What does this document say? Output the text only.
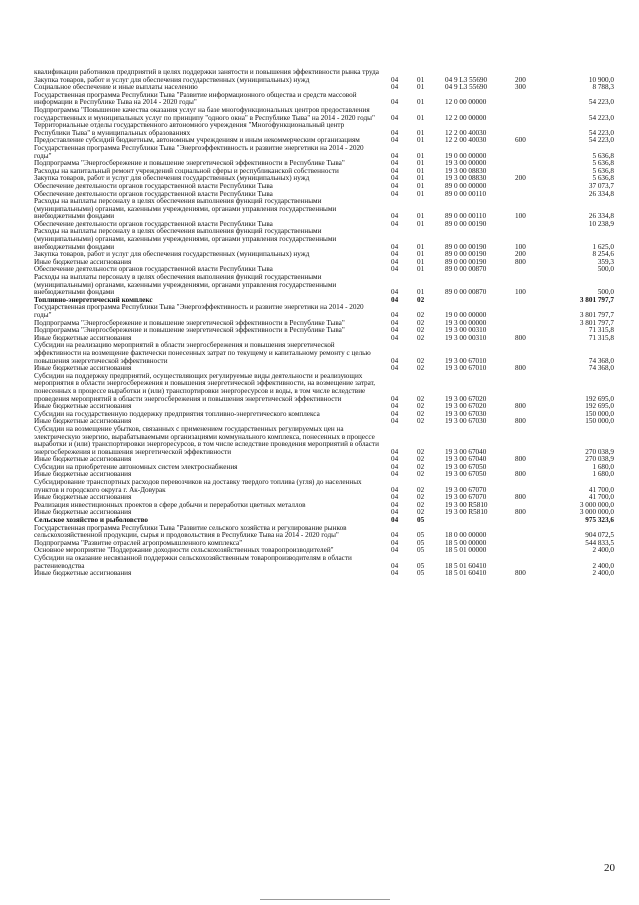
квалификации работников предприятий в целях поддержки занятости и повышения эффективности рынка труда
Закупка товаров, работ и услуг для обеспечения государственных (муниципальных) нужд	04	01	04 9 L3 55690	200	10 900,0
Социальное обеспечение и иные выплаты населению	04	01	04 9 L3 55690	300	8 788,3
Государственная программа Республики Тыва "Развитие информационного общества и средств массовой информации в Республике Тыва на 2014 - 2020 годы"	04	01	12 0 00 00000	54 223,0
Подпрограмма "Повышение качества оказания услуг на базе многофункциональных центров предоставления государственных и муниципальных услуг по принципу "одного окна" в Республике Тыва" на 2014 - 2020 годы"	04	01	12 2 00 00000	54 223,0
Территориальные отделы государственного автономного учреждения "Многофункциональный центр Республики Тыва" в муниципальных образованиях	04	01	12 2 00 40030	54 223,0
Предоставление субсидий бюджетным, автономным учреждениям и иным некоммерческим организациям	04	01	12 2 00 40030	600	54 223,0
Государственная программа Республики Тыва "Энергоэффективность и развитие энергетики на 2014 - 2020 годы"	04	01	19 0 00 00000	5 636,8
Подпрограмма "Энергосбережение и повышение энергетической эффективности в Республике Тыва"	04	01	19 3 00 00000	5 636,8
Расходы на капитальный ремонт учреждений социальной сферы и республиканской собственности	04	01	19 3 00 08830	5 636,8
Закупка товаров, работ и услуг для обеспечения государственных (муниципальных) нужд	04	01	19 3 00 08830	200	5 636,8
Обеспечение деятельности органов государственной власти Республики Тыва	04	01	89 0 00 00000	37 073,7
Обеспечение деятельности органов государственной власти Республики Тыва	04	01	89 0 00 00110	26 334,8
Расходы на выплаты персоналу в целях обеспечения выполнения функций государственными (муниципальными) органами, казенными учреждениями, органами управления государственными внебюджетными фондами	04	01	89 0 00 00110	100	26 334,8
Обеспечение деятельности органов государственной власти Республики Тыва	04	01	89 0 00 00190	10 238,9
Расходы на выплаты персоналу в целях обеспечения выполнения функций государственными (муниципальными) органами, казенными учреждениями, органами управления государственными внебюджетными фондами	04	01	89 0 00 00190	100	1 625,0
Закупка товаров, работ и услуг для обеспечения государственных (муниципальных) нужд	04	01	89 0 00 00190	200	8 254,6
Иные бюджетные ассигнования	04	01	89 0 00 00190	800	359,3
Обеспечение деятельности органов государственной власти Республики Тыва	04	01	89 0 00 00870	500,0
Расходы на выплаты персоналу в целях обеспечения выполнения функций государственными (муниципальными) органами, казенными учреждениями, органами управления государственными внебюджетными фондами	04	01	89 0 00 00870	100	500,0
Топливно-энергетический комплекс	04	02	3 801 797,7
Государственная программа Республики Тыва "Энергоэффективность и развитие энергетики на 2014 - 2020 годы"	04	02	19 0 00 00000	3 801 797,7
Подпрограмма "Энергосбережение и повышение энергетической эффективности в Республике Тыва"	04	02	19 3 00 00000	3 801 797,7
Подпрограмма "Энергосбережение и повышение энергетической эффективности в Республике Тыва"	04	02	19 3 00 00310	71 315,8
Иные бюджетные ассигнования	04	02	19 3 00 00310	800	71 315,8
Субсидии на реализацию мероприятий в области энергосбережения и повышения энергетической эффективности на возмещение фактически понесенных затрат по текущему и капитальному ремонту с целью повышения энергетической эффективности	04	02	19 3 00 67010	74 368,0
Иные бюджетные ассигнования	04	02	19 3 00 67010	800	74 368,0
Субсидии на поддержку предприятий, осуществляющих регулируемые виды деятельности и реализующих мероприятия в области энергосбережения и повышения энергетической эффективности, на возмещение затрат, понесенных в процессе выработки и (или) транспортировки энергоресурсов и воды, в том числе вследствие проведения мероприятий в области энергосбережения и повышения энергетической эффективности	04	02	19 3 00 67020	192 695,0
Иные бюджетные ассигнования	04	02	19 3 00 67020	800	192 695,0
Субсидии на государственную поддержку предприятия топливно-энергетического комплекса	04	02	19 3 00 67030	150 000,0
Иные бюджетные ассигнования	04	02	19 3 00 67030	800	150 000,0
Субсидии на возмещение убытков, связанных с применением государственных регулируемых цен на электрическую энергию, вырабатываемыми организациями коммунального комплекса, понесенных в процессе выработки и (или) транспортировки энергоресурсов, в том числе вследствие проведения мероприятий в области энергосбережения и повышения энергетической эффективности	04	02	19 3 00 67040	270 038,9
Иные бюджетные ассигнования	04	02	19 3 00 67040	800	270 038,9
Субсидии на приобретение автономных систем электроснабжения	04	02	19 3 00 67050	1 680,0
Иные бюджетные ассигнования	04	02	19 3 00 67050	800	1 680,0
Субсидирование транспортных расходов перевозчиков на доставку твердого топлива (угля) до населенных пунктов и городского округа г. Ак-Довурак	04	02	19 3 00 67070	41 700,0
Иные бюджетные ассигнования	04	02	19 3 00 67070	800	41 700,0
Реализация инвестиционных проектов в сфере добычи и переработки цветных металлов	04	02	19 3 00 R5810	3 000 000,0
Иные бюджетные ассигнования	04	02	19 3 00 R5810	800	3 000 000,0
Сельское хозяйство и рыболовство	04	05	975 323,6
Государственная программа Республики Тыва "Развитие сельского хозяйства и регулирование рынков сельскохозяйственной продукции, сырья и продовольствия в Республике Тыва на 2014 - 2020 годы"	04	05	18 0 00 00000	904 072,5
Подпрограмма "Развитие отраслей агропромышленного комплекса"	04	05	18 5 00 00000	544 833,5
Основное мероприятие "Поддержание доходности сельскохозяйственных товаропроизводителей"	04	05	18 5 01 00000	2 400,0
Субсидии на оказание несвязанной поддержки сельскохозяйственным товаропроизводителям в области растениеводства	04	05	18 5 01 60410	2 400,0
Иные бюджетные ассигнования	04	05	18 5 01 60410	800	2 400,0
20
